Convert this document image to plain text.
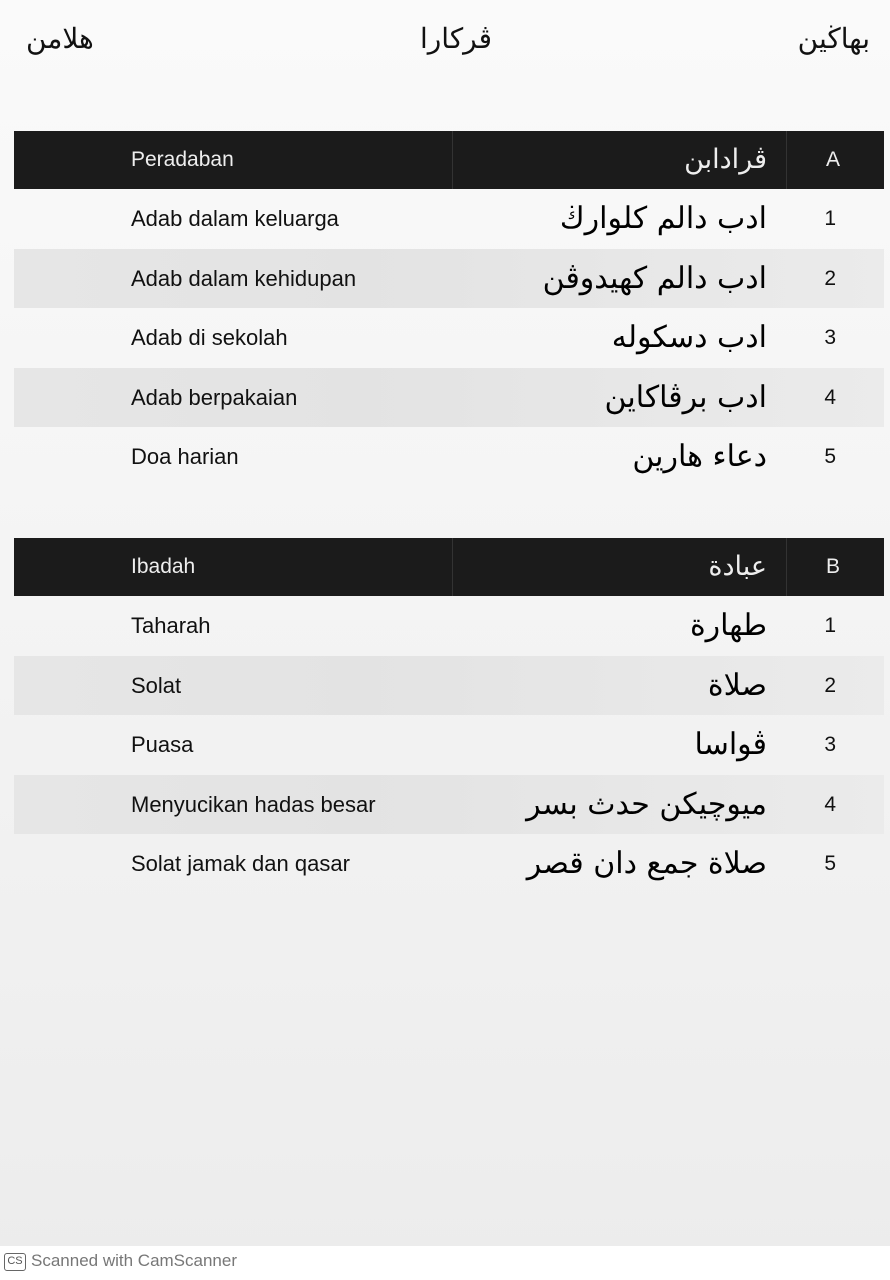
بهاڬين
ڤرکارا
هلامن
Peradaban	ڤرادابن	A
Adab dalam keluarga	ادب دالم کلوارڬ	1
Adab dalam kehidupan	ادب دالم کهيدوڤن	2
Adab di sekolah	ادب دسکوله	3
Adab berpakaian	ادب برڤاکاين	4
Doa harian	دعاء هارين	5
Ibadah	عبادة	B
Taharah	طهارة	1
Solat	صلاة	2
Puasa	ڤواسا	3
Menyucikan hadas besar	ميوچيکن حدث بسر	4
Solat jamak dan qasar	صلاة جمع دان قصر	5
CS Scanned with CamScanner
